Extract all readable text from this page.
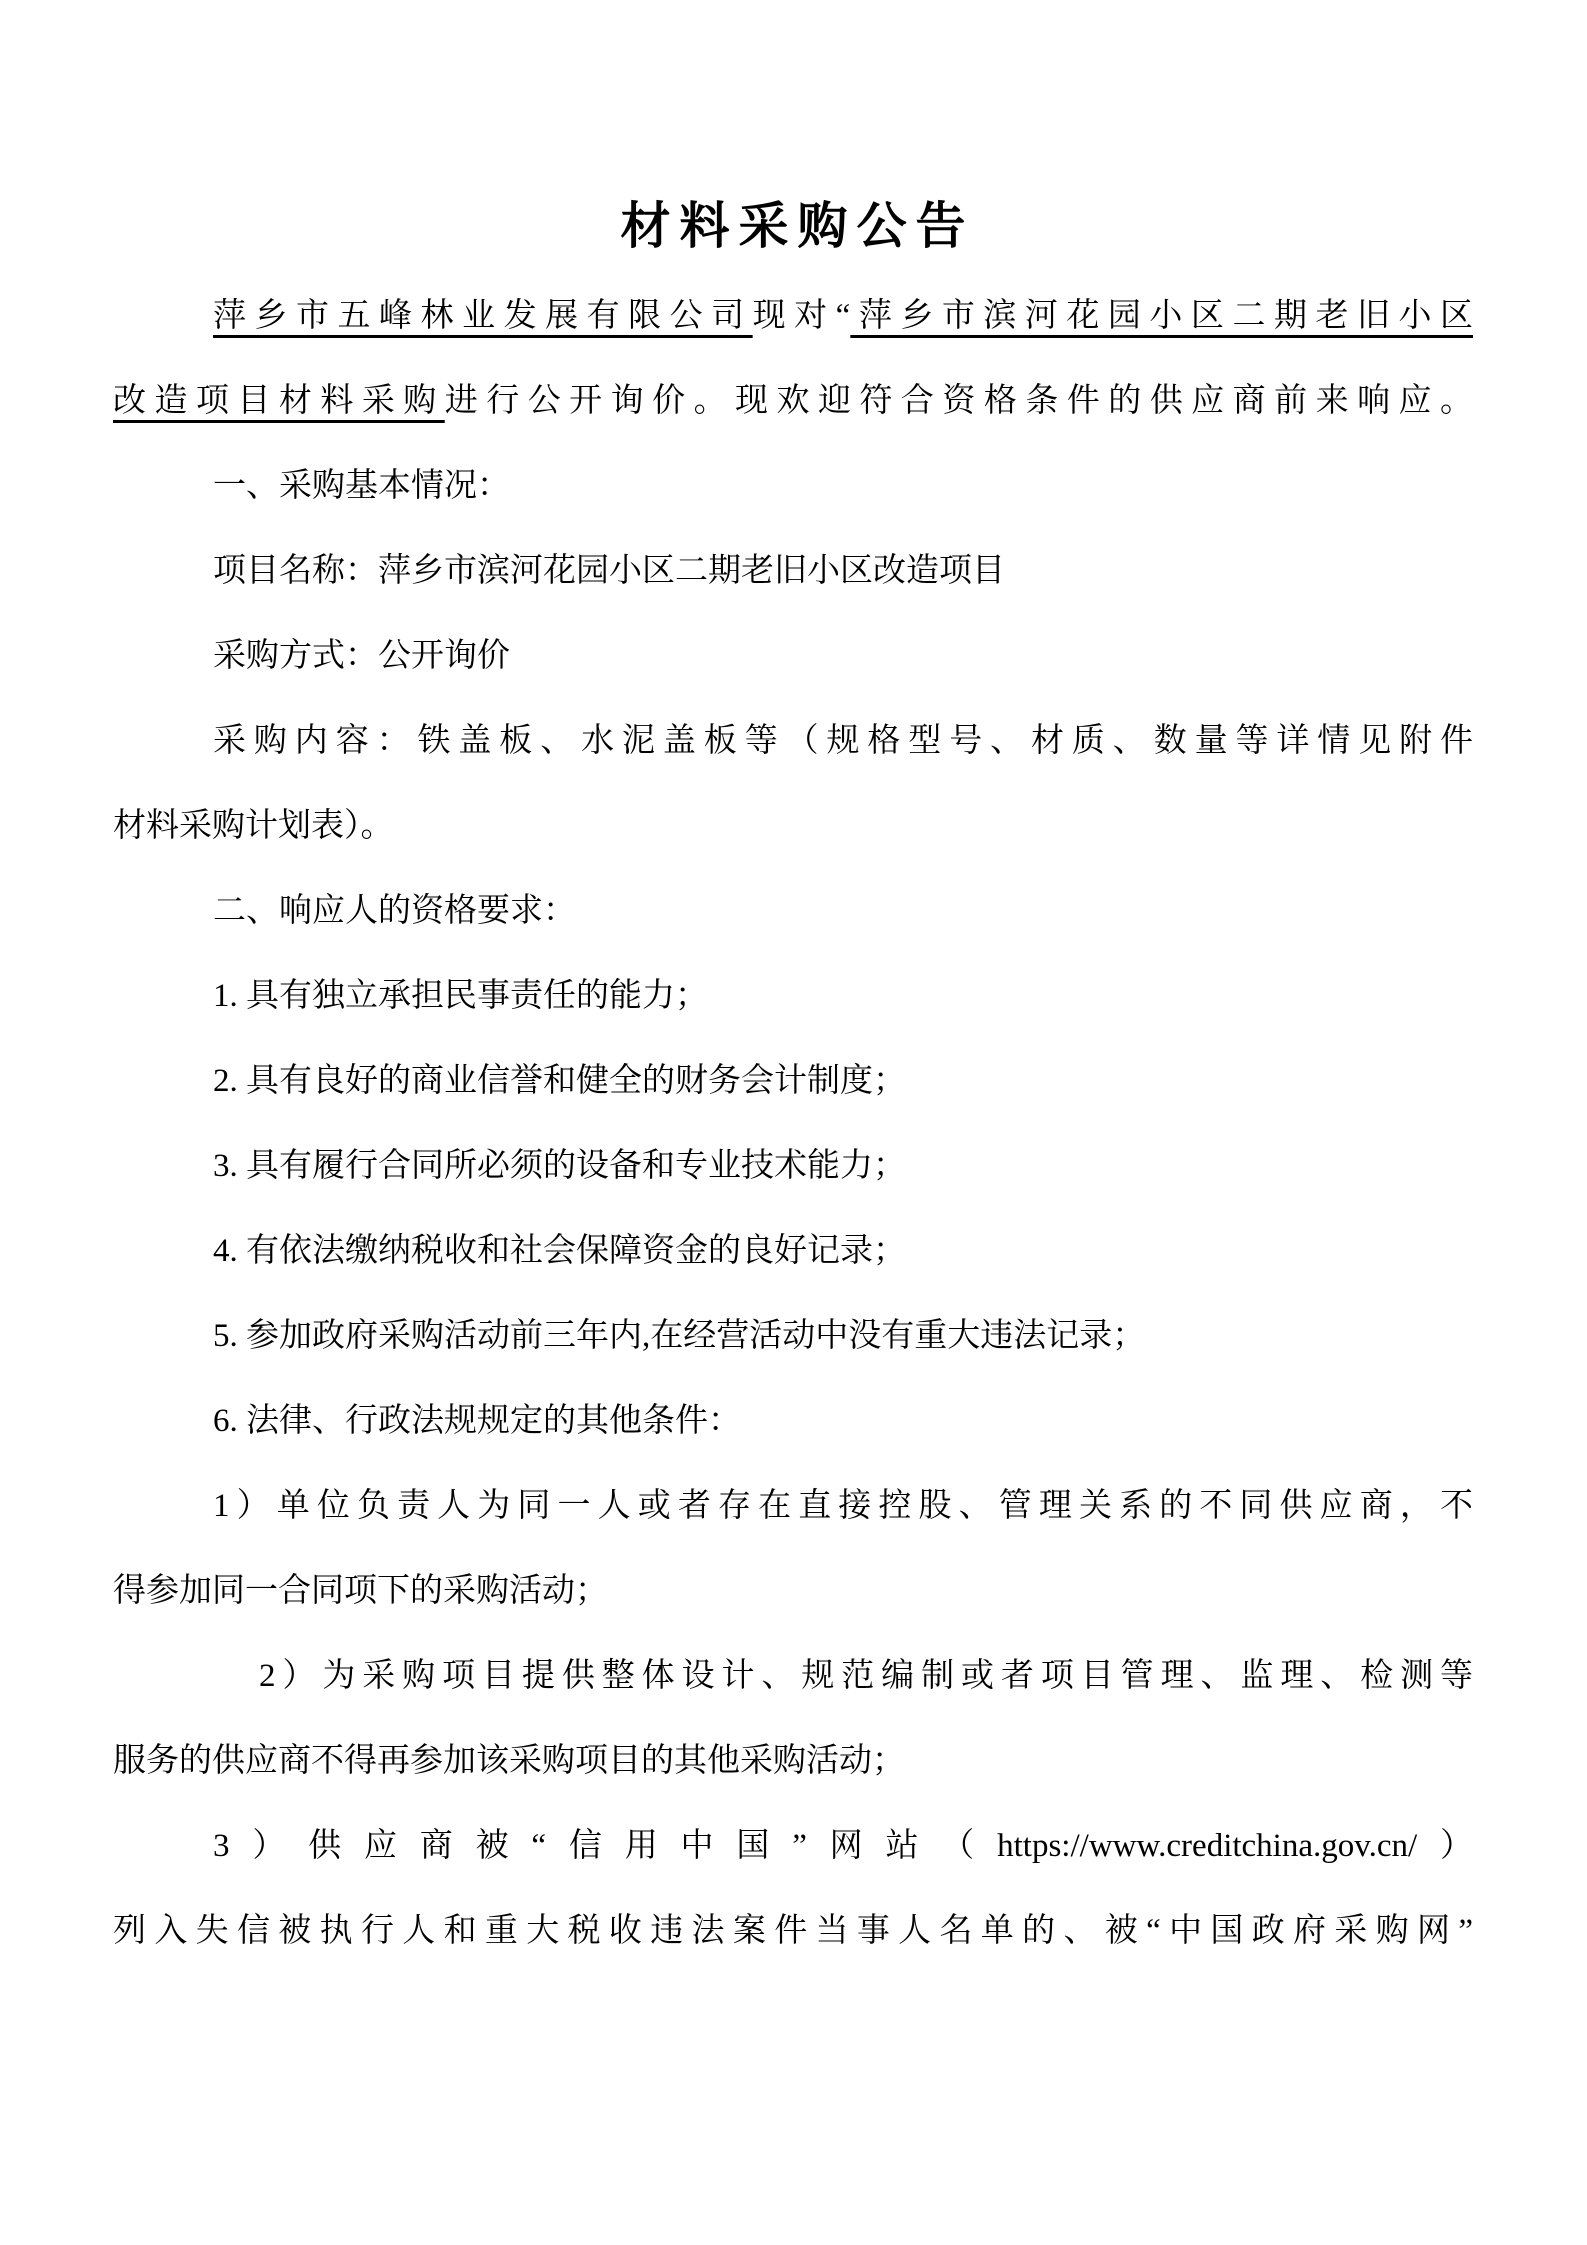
材料采购公告
萍乡市五峰林业发展有限公司现对“萍乡市滨河花园小区二期老旧小区
改造项目材料采购进行公开询价。现欢迎符合资格条件的供应商前来响应。
一、采购基本情况：
项目名称：萍乡市滨河花园小区二期老旧小区改造项目
采购方式：公开询价
采购内容：铁盖板、水泥盖板等（规格型号、材质、数量等详情见附件
材料采购计划表）。
二、响应人的资格要求：
1. 具有独立承担民事责任的能力；
2. 具有良好的商业信誉和健全的财务会计制度；
3. 具有履行合同所必须的设备和专业技术能力；
4. 有依法缴纳税收和社会保障资金的良好记录；
5. 参加政府采购活动前三年内,在经营活动中没有重大违法记录；
6. 法律、行政法规规定的其他条件：
1）单位负责人为同一人或者存在直接控股、管理关系的不同供应商，不
得参加同一合同项下的采购活动；
2）为采购项目提供整体设计、规范编制或者项目管理、监理、检测等
服务的供应商不得再参加该采购项目的其他采购活动；
3）供应商被“信用中国”网站（https://www.creditchina.gov.cn/）
列入失信被执行人和重大税收违法案件当事人名单的、被“中国政府采购网”
